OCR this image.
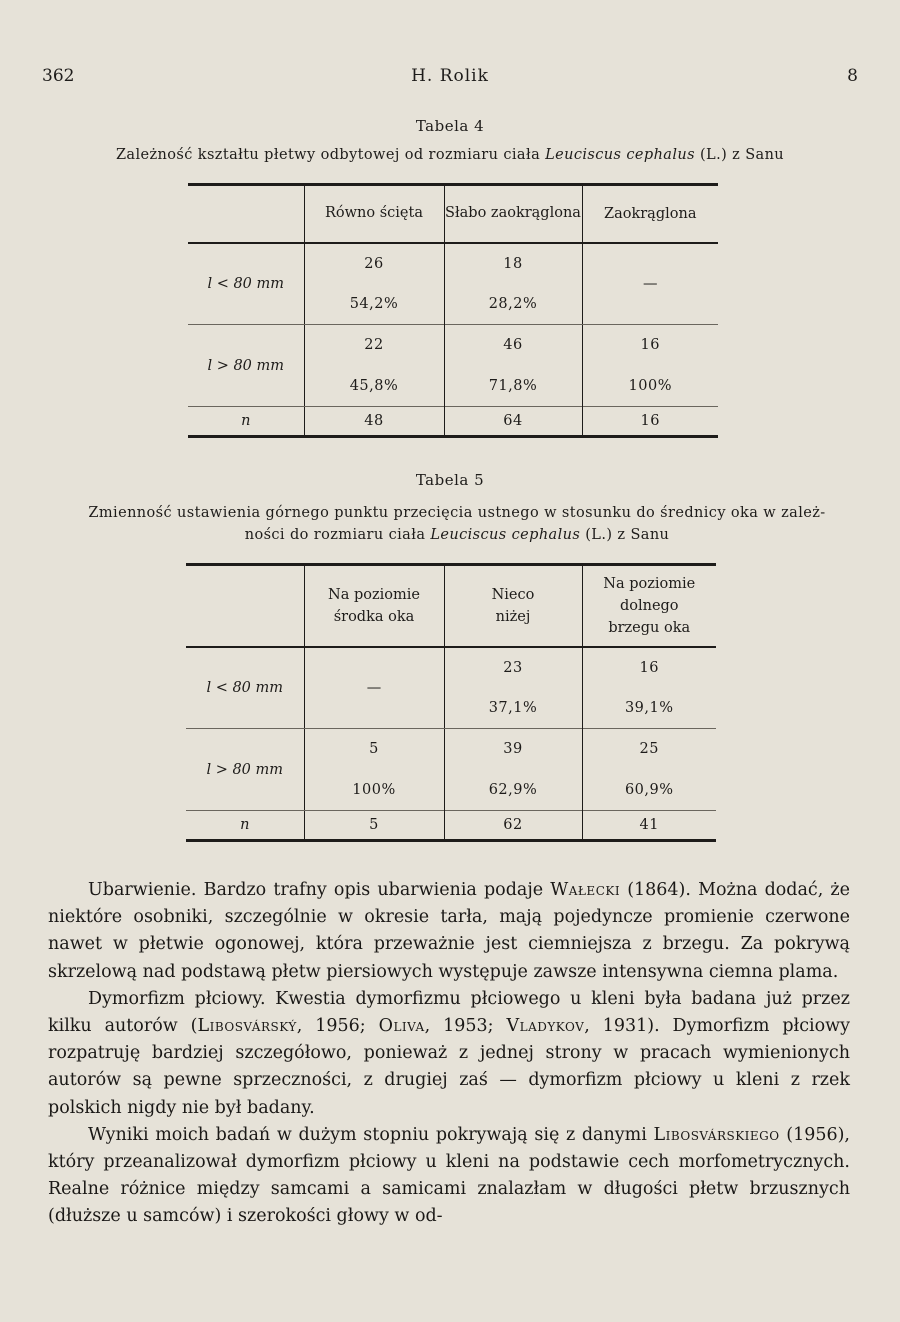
362	H. Rolik	8
Tabela 4
Zależność kształtu płetwy odbytowej od rozmiaru ciała Leuciscus cephalus (L.) z Sanu
	Równo ścięta	Słabo zaokrąglona	Zaokrąglona
l < 80 mm	26	18	—
	54,2%	28,2%	
l > 80 mm	22	46	16
	45,8%	71,8%	100%
n	48	64	16
Tabela 5
Zmienność ustawienia górnego punktu przecięcia ustnego w stosunku do średnicy oka w zależ-
ności do rozmiaru ciała Leuciscus cephalus (L.) z Sanu
	Na poziomie środka oka	Nieco niżej	Na poziomie dolnego brzegu oka
l < 80 mm	—	23	16
		37,1%	39,1%
l > 80 mm	5	39	25
	100%	62,9%	60,9%
n	5	62	41

Ubarwienie. Bardzo trafny opis ubarwienia podaje Wałecki (1864). Można dodać, że niektóre osobniki, szczególnie w okresie tarła, mają pojedyncze promienie czerwone nawet w płetwie ogonowej, która przeważnie jest ciemniejsza z brzegu. Za pokrywą skrzelową nad podstawą płetw piersiowych występuje zawsze intensywna ciemna plama.

Dymorfizm płciowy. Kwestia dymorfizmu płciowego u kleni była badana już przez kilku autorów (Libosvárský, 1956; Oliva, 1953; Vladykov, 1931). Dymorfizm płciowy rozpatruję bardziej szczegółowo, ponieważ z jednej strony w pracach wymienionych autorów są pewne sprzeczności, z drugiej zaś — dymorfizm płciowy u kleni z rzek polskich nigdy nie był badany.

Wyniki moich badań w dużym stopniu pokrywają się z danymi Libosvárskiego (1956), który przeanalizował dymorfizm płciowy u kleni na podstawie cech morfometrycznych. Realne różnice między samcami a samicami znalazłam w długości płetw brzusznych (dłuższe u samców) i szerokości głowy w od-
